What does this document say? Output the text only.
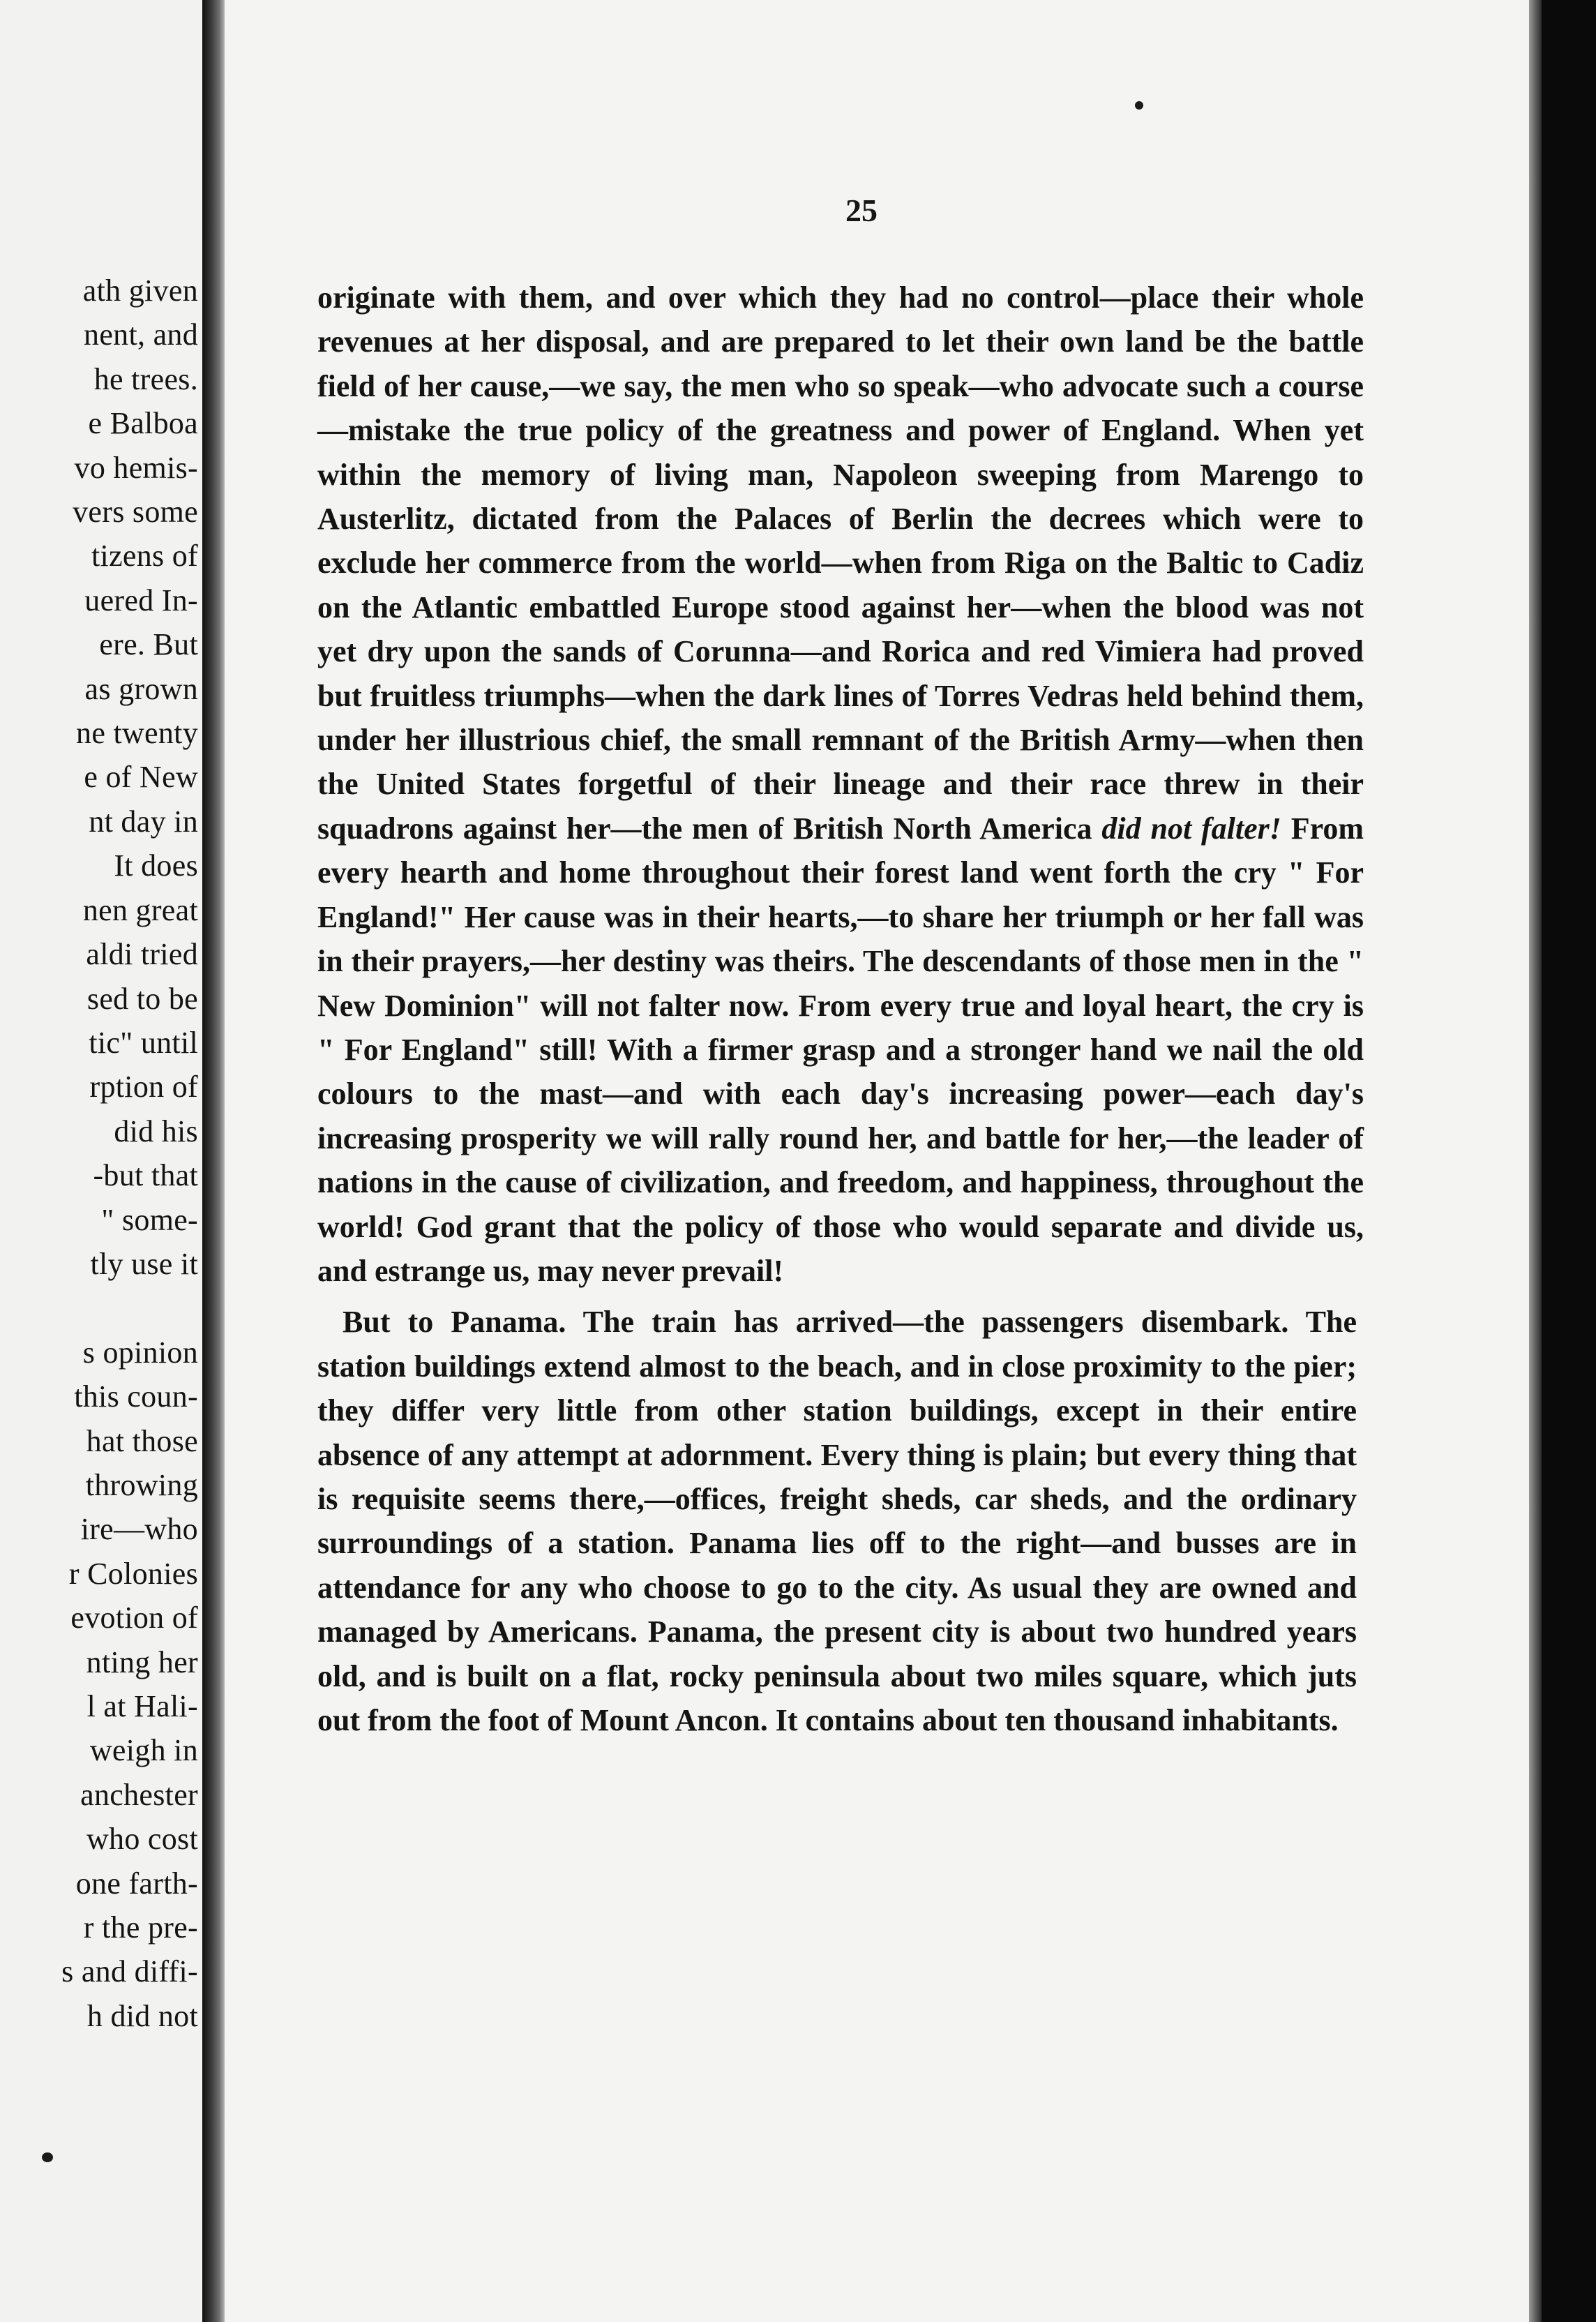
ath given
nent, and
he trees.
e Balboa
vo hemis-
vers some
tizens of
uered In-
ere. But
as grown
ne twenty
e of New
nt day in
It does
nen great
aldi tried
sed to be
tic" until
rption of
did his
-but that
" some-
tly use it

s opinion
this coun-
hat those
throwing
ire—who
r Colonies
evotion of
nting her
l at Hali-
weigh in
anchester
who cost
one farth-
r the pre-
s and diffi-
h did not
25

originate with them, and over which they had no control—place their whole revenues at her disposal, and are prepared to let their own land be the battle field of her cause,—we say, the men who so speak—who advocate such a course—mistake the true policy of the greatness and power of England. When yet within the memory of living man, Napoleon sweeping from Marengo to Austerlitz, dictated from the Palaces of Berlin the decrees which were to exclude her commerce from the world—when from Riga on the Baltic to Cadiz on the Atlantic embattled Europe stood against her—when the blood was not yet dry upon the sands of Corunna—and Rorica and red Vimiera had proved but fruitless triumphs—when the dark lines of Torres Vedras held behind them, under her illustrious chief, the small remnant of the British Army—when then the United States forgetful of their lineage and their race threw in their squadrons against her—the men of British North America did not falter! From every hearth and home throughout their forest land went forth the cry " For England!" Her cause was in their hearts,—to share her triumph or her fall was in their prayers,—her destiny was theirs. The descendants of those men in the " New Dominion" will not falter now. From every true and loyal heart, the cry is " For England" still! With a firmer grasp and a stronger hand we nail the old colours to the mast—and with each day's increasing power—each day's increasing prosperity we will rally round her, and battle for her,—the leader of nations in the cause of civilization, and freedom, and happiness, throughout the world! God grant that the policy of those who would separate and divide us, and estrange us, may never prevail!

But to Panama. The train has arrived—the passengers disembark. The station buildings extend almost to the beach, and in close proximity to the pier; they differ very little from other station buildings, except in their entire absence of any attempt at adornment. Every thing is plain; but every thing that is requisite seems there,—offices, freight sheds, car sheds, and the ordinary surroundings of a station. Panama lies off to the right—and busses are in attendance for any who choose to go to the city. As usual they are owned and managed by Americans. Panama, the present city is about two hundred years old, and is built on a flat, rocky peninsula about two miles square, which juts out from the foot of Mount Ancon. It contains about ten thousand inhabitants.
